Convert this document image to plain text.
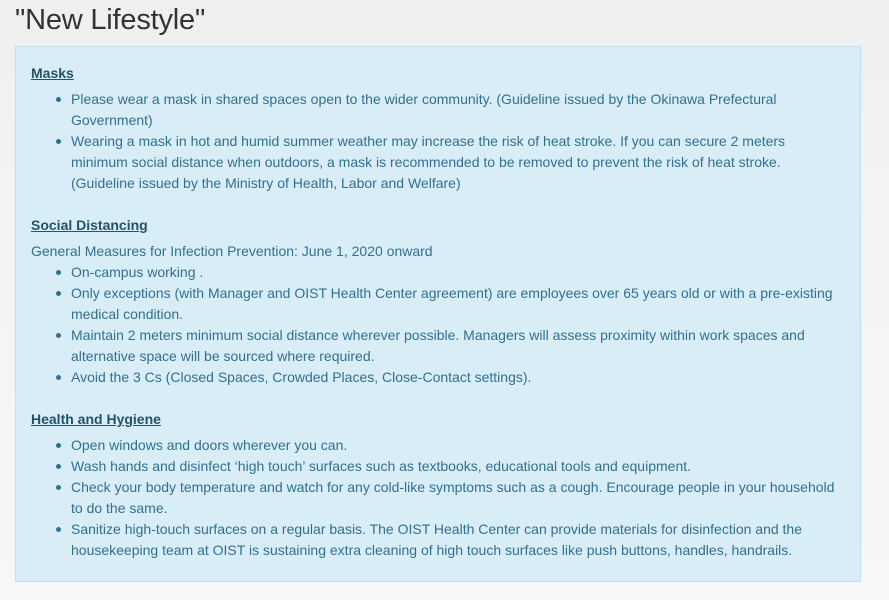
"New Lifestyle"
Masks
Please wear a mask in shared spaces open to the wider community. (Guideline issued by the Okinawa Prefectural Government)
Wearing a mask in hot and humid summer weather may increase the risk of heat stroke. If you can secure 2 meters minimum social distance when outdoors, a mask is recommended to be removed to prevent the risk of heat stroke. (Guideline issued by the Ministry of Health, Labor and Welfare)
Social Distancing

General Measures for Infection Prevention: June 1, 2020 onward

On-campus working .
Only exceptions (with Manager and OIST Health Center agreement) are employees over 65 years old or with a pre-existing medical condition.
Maintain 2 meters minimum social distance wherever possible. Managers will assess proximity within work spaces and alternative space will be sourced where required.
Avoid the 3 Cs (Closed Spaces, Crowded Places, Close-Contact settings).
Health and Hygiene
Open windows and doors wherever you can.
Wash hands and disinfect ‘high touch’ surfaces such as textbooks, educational tools and equipment.
Check your body temperature and watch for any cold-like symptoms such as a cough. Encourage people in your household to do the same.
Sanitize high-touch surfaces on a regular basis. The OIST Health Center can provide materials for disinfection and the housekeeping team at OIST is sustaining extra cleaning of high touch surfaces like push buttons, handles, handrails.
